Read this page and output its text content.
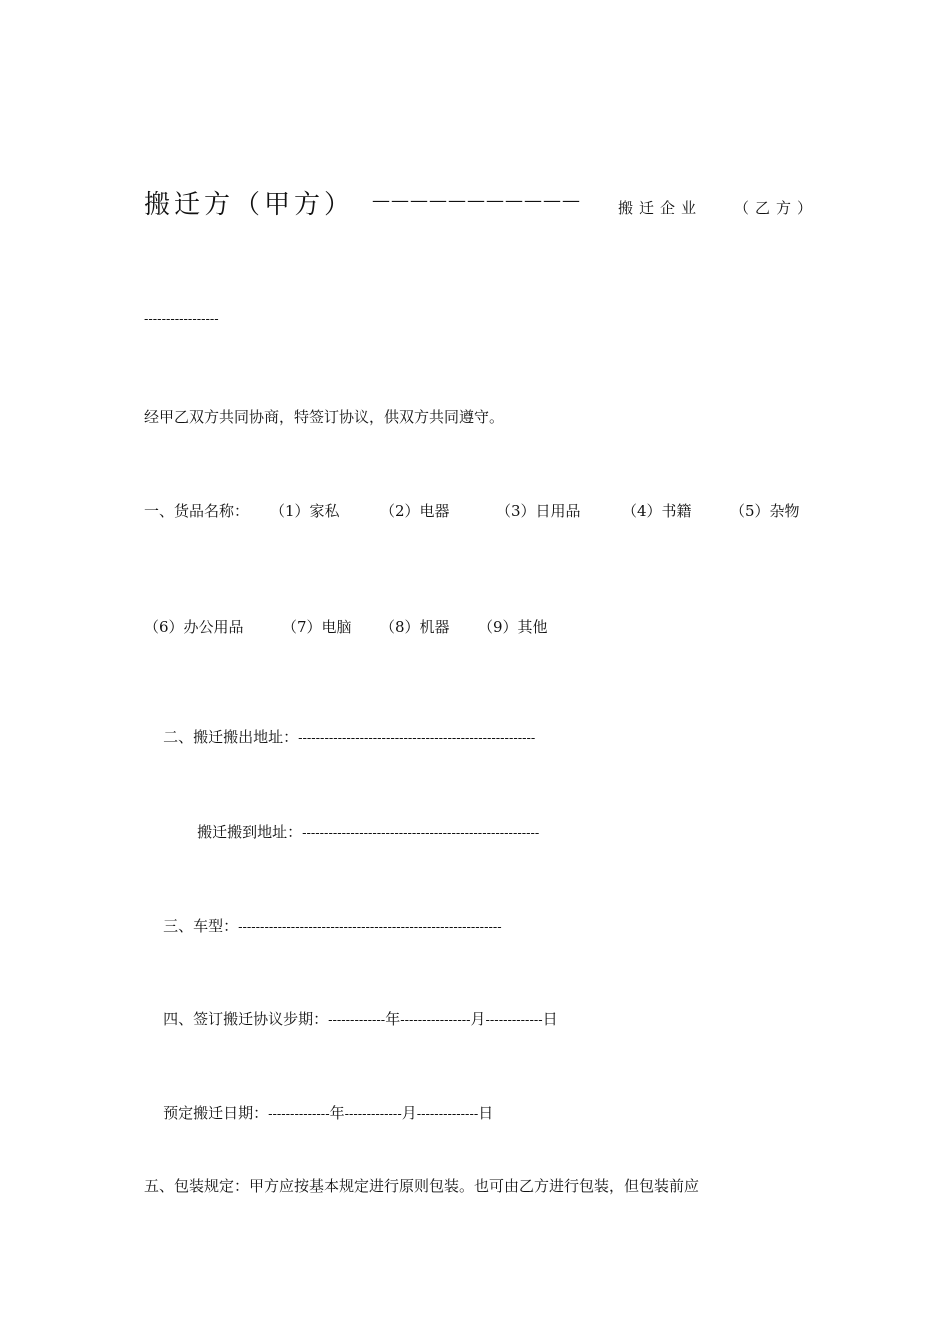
搬迁方（甲方） ——————————— 搬迁企业 （乙方）
-----------------
经甲乙双方共同协商，特签订协议，供双方共同遵守。
一、货品名称： （1）家私	（2）电器	（3）日用品	（4）书籍	（5）杂物
（6）办公用品	（7）电脑 （8）机器 （9）其他

二、搬迁搬出地址：------------------------------------------------------

搬迁搬到地址：------------------------------------------------------

三、车型：------------------------------------------------------------

四、签订搬迁协议步期：-------------年----------------月-------------日

预定搬迁日期：--------------年-------------月--------------日

五、包装规定：甲方应按基本规定进行原则包装。也可由乙方进行包装，但包装前应
